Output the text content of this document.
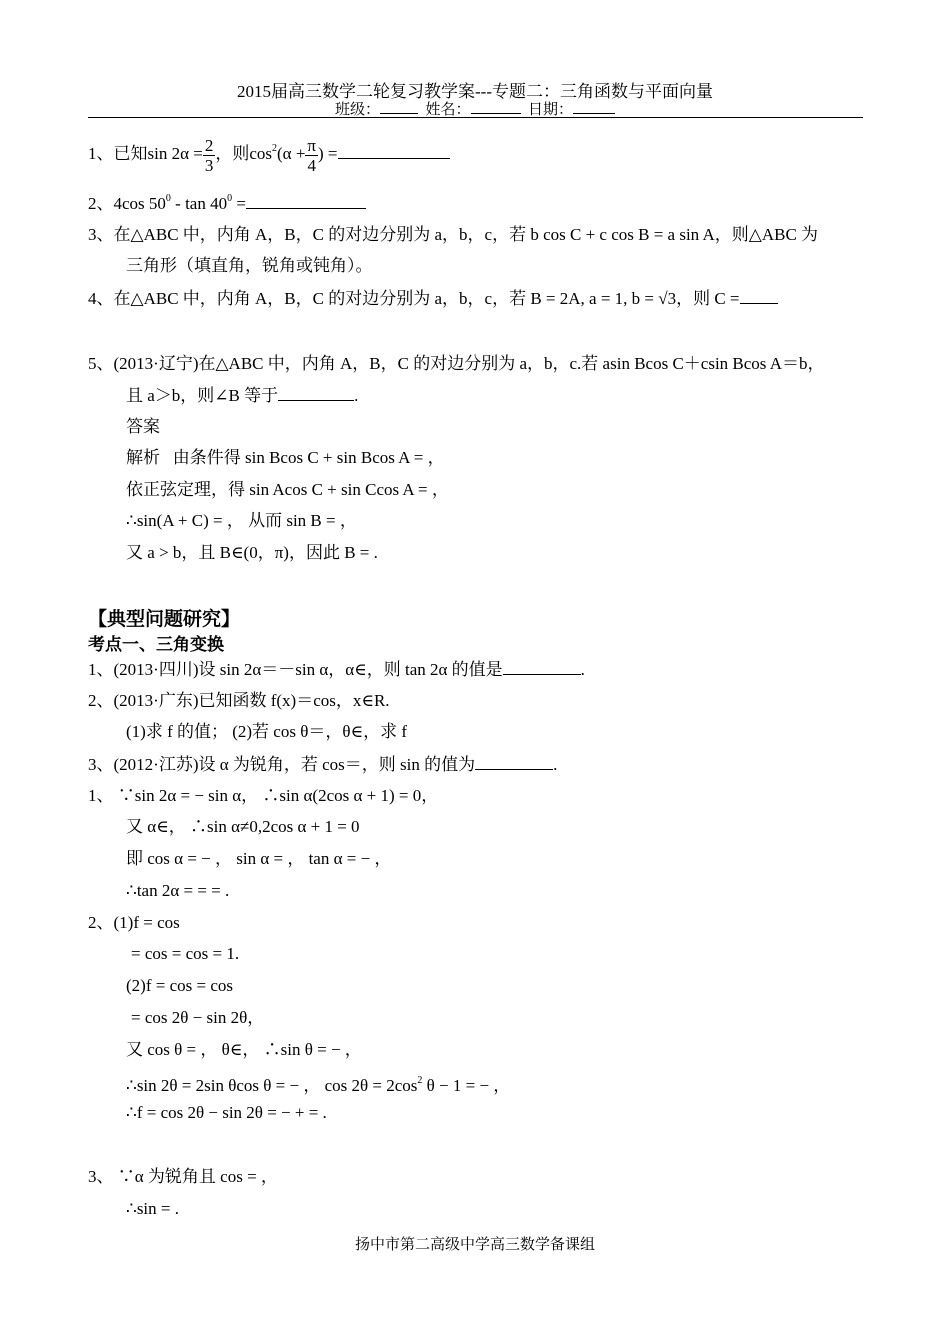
2015届高三数学二轮复习教学案---专题二：三角函数与平面向量
班级：	姓名：	日期：
1、已知$\sin 2\alpha = \frac{2}{3}$ ，则$\cos^2(\alpha + \frac{\pi}{4}$ ) =
2、4cos $50^0$ - $\tan 40^0$ =
3、在△ABC 中，内角 A，B，C 的对边分别为 a，b，c，若 b cos C + c cos B = a sin A，则△ABC 为
三角形（填直角，锐角或钝角）。
4、在△ABC 中，内角 A，B，C 的对边分别为 a，b，c，若 B = 2A, a = 1, b = √3，则 C =
5、(2013·辽宁)在△ABC 中，内角 A，B，C 的对边分别为 a，b，c.若 asin Bcos C＋csin Bcos A＝b，
且 a＞b，则∠B 等于	.
答案
解析 由条件得 sin Bcos C + sin Bcos A = ，
依正弦定理，得 sin Acos C + sin Ccos A = ，
∴sin(A + C) = ， 从而 sin B = ，
又 a > b，且 B∈(0，π)，因此 B = .
【典型问题研究】
考点一、三角变换
1、(2013·四川)设 sin 2α＝－sin α，α∈，则 tan 2α 的值是	.
2、(2013·广东)已知函数 f(x)＝cos，x∈R.
(1)求 f 的值； (2)若 cos θ＝，θ∈，求 f
3、(2012·江苏)设 α 为锐角，若 cos＝，则 sin 的值为	.
1、 ∵sin 2α = − sin α， ∴sin α(2cos α + 1) = 0，
又 α∈， ∴sin α≠0,2cos α + 1 = 0
即 cos α = − ， sin α = ， tan α = − ，
∴tan 2α = = = .
2、(1)f = cos
= cos = cos = 1.
(2)f = cos = cos
= cos 2θ − sin 2θ，
又 cos θ = ， θ∈， ∴sin θ = − ，
∴sin 2θ = 2sin θcos θ = − ， $\cos 2\theta = 2\cos^2$ θ − 1 = − ，
∴f = cos 2θ − sin 2θ = − + = .
3、 ∵α 为锐角且 cos = ，
∴sin = .
扬中市第二高级中学高三数学备课组
